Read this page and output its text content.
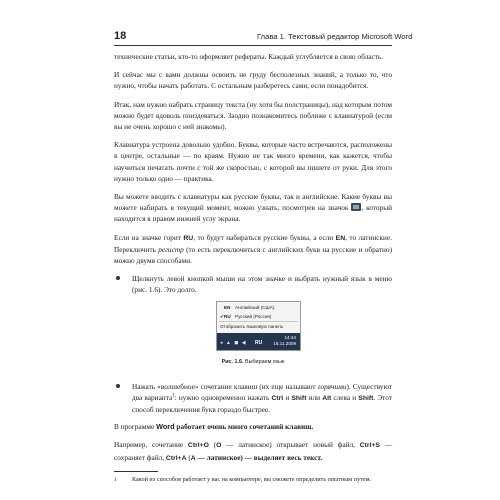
18	Глава 1. Текстовый редактор Microsoft Word

технические статьи, кто-то оформляет рефераты. Каждый углубляется в свою область.

И сейчас мы с вами должны освоить не груду бесполезных знаний, а только то, что нужно, чтобы начать работать. С остальным разберетесь сами, если понадобится.

Итак, нам нужно набрать страницу текста (ну хотя бы полстраницы), над которым потом можно будет вдоволь поиздеваться. Заодно познакомитесь поближе с клавиатурой (если вы не очень хорошо с ней знакомы).

Клавиатура устроена довольно удобно. Буквы, которые часто встречаются, расположены в центре, остальные — по краям. Нужно не так много времени, как кажется, чтобы научиться печатать почти с той же скоростью, с которой вы пишете от руки. Для этого нужно только одно — практика.

Вы можете вводить с клавиатуры как русские буквы, так и английские. Какие буквы вы можете набирать в текущий момент, можно узнать, посмотрев на значок , который находится в правом нижней углу экрана.

Если на значке горит RU, то будут набираться русские буквы, а если EN, то латинские. Переключить регистр (то есть переключиться с английских букв на русские и обратно) можно двумя способами.

Щелкнуть левой кнопкой мыши на этом значке и выбрать нужный язык в меню (рис. 1.6). Это долго.
EN Английский (США)
✔RU Русский (Россия)
Отобразить языковую панель
◂ ▲ ◼ ◀ RU
14:44
16.11.2009
Рис. 1.6. Выбираем язык
Нажать «волшебное» сочетание клавиш (их еще называют горячими). Существуют два варианта$^1$: нужно одновременно нажать Ctrl и Shift или Alt слева и Shift. Этот способ переключения букв гораздо быстрее.

В программе Word работает очень много сочетаний клавиш.

Например, сочетание Ctrl+O (O — латинское) открывает новый файл, Ctrl+S — сохраняет файл, Ctrl+A (A — латинское) — выделяет весь текст.

1 Какой из способов работает у вас на компьютере, вы сможете определить опытным путем.
